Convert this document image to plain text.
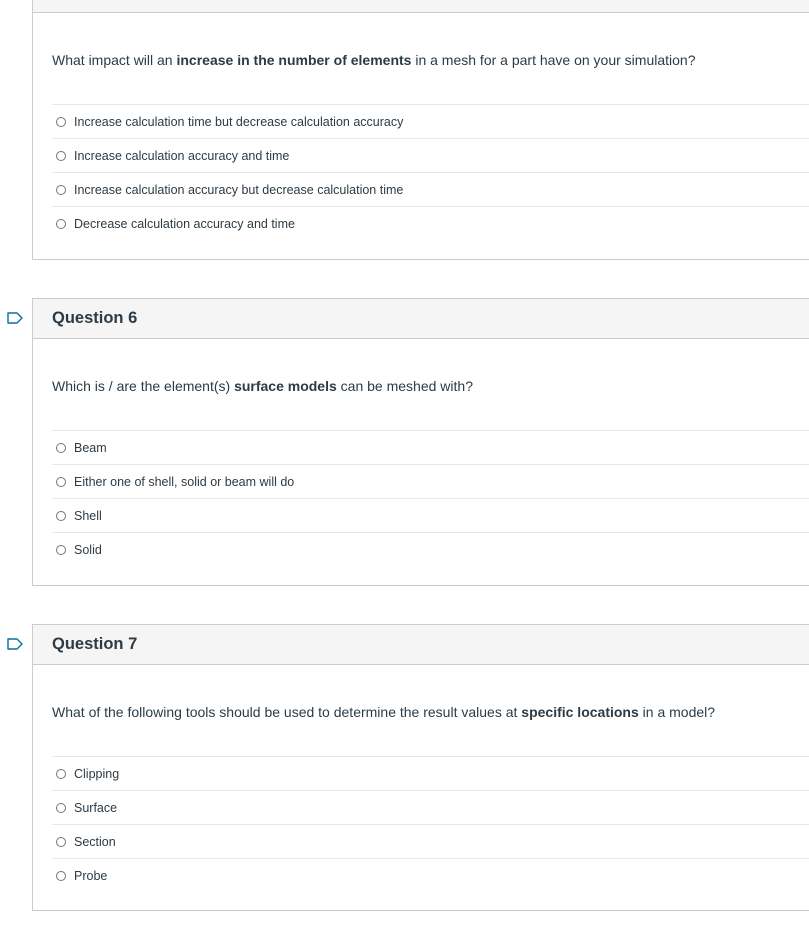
What impact will an increase in the number of elements in a mesh for a part have on your simulation?
Increase calculation time but decrease calculation accuracy
Increase calculation accuracy and time
Increase calculation accuracy but decrease calculation time
Decrease calculation accuracy and time
Question 6
Which is / are the element(s) surface models can be meshed with?
Beam
Either one of shell, solid or beam will do
Shell
Solid
Question 7
What of the following tools should be used to determine the result values at specific locations in a model?
Clipping
Surface
Section
Probe
